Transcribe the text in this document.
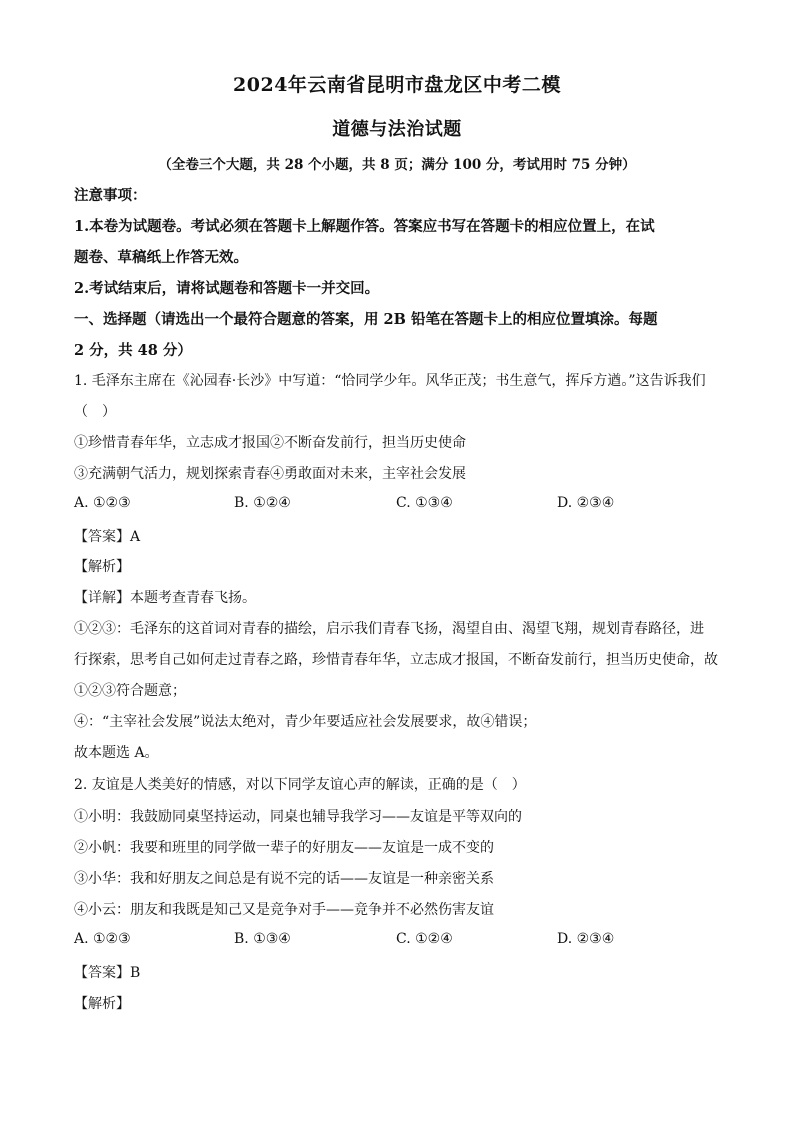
2024年云南省昆明市盘龙区中考二模
道德与法治试题
（全卷三个大题，共 28 个小题，共 8 页；满分 100 分，考试用时 75 分钟）
注意事项：
1.本卷为试题卷。考试必须在答题卡上解题作答。答案应书写在答题卡的相应位置上，在试
题卷、草稿纸上作答无效。
2.考试结束后，请将试题卷和答题卡一并交回。
一、选择题（请选出一个最符合题意的答案，用 2B 铅笔在答题卡上的相应位置填涂。每题
2 分，共 48 分）
1. 毛泽东主席在《沁园春·长沙》中写道：“恰同学少年。风华正茂；书生意气，挥斥方遒。”这告诉我们
（　）
①珍惜青春年华，立志成才报国②不断奋发前行，担当历史使命
③充满朝气活力，规划探索青春④勇敢面对未来，主宰社会发展
A. ①②③	B. ①②④	C. ①③④	D. ②③④
【答案】A
【解析】
【详解】本题考查青春飞扬。
①②③：毛泽东的这首词对青春的描绘，启示我们青春飞扬，渴望自由、渴望飞翔，规划青春路径，进
行探索，思考自己如何走过青春之路，珍惜青春年华，立志成才报国，不断奋发前行，担当历史使命，故
①②③符合题意；
④：“主宰社会发展”说法太绝对，青少年要适应社会发展要求，故④错误；
故本题选 A。
2. 友谊是人类美好的情感，对以下同学友谊心声的解读，正确的是（　）
①小明：我鼓励同桌坚持运动，同桌也辅导我学习——友谊是平等双向的
②小帆：我要和班里的同学做一辈子的好朋友——友谊是一成不变的
③小华：我和好朋友之间总是有说不完的话——友谊是一种亲密关系
④小云：朋友和我既是知己又是竞争对手——竞争并不必然伤害友谊
A. ①②③	B. ①③④	C. ①②④	D. ②③④
【答案】B
【解析】
